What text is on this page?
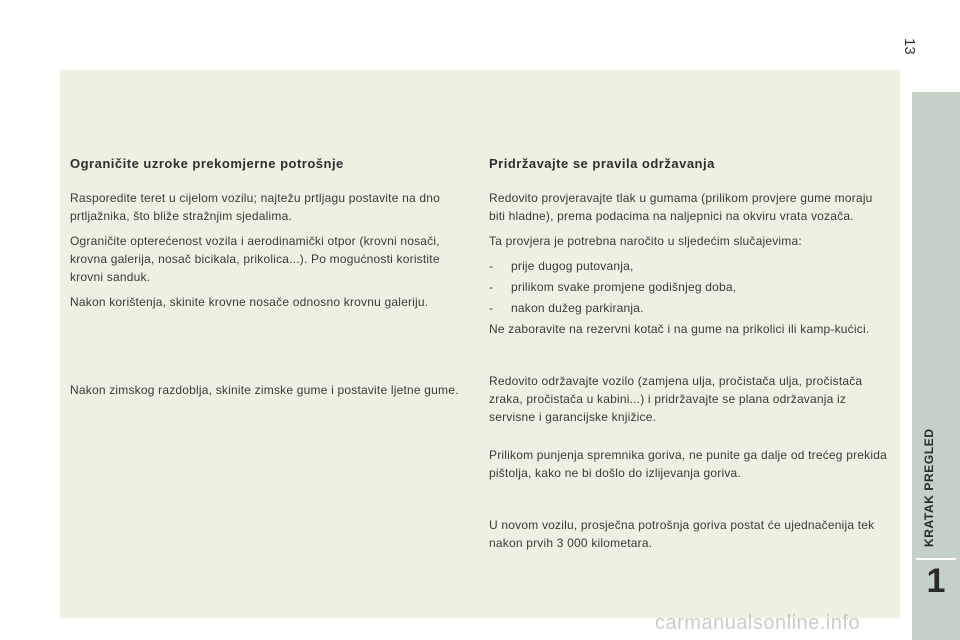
13
Ograničite uzroke prekomjerne potrošnje

Rasporedite teret u cijelom vozilu; najtežu prtljagu postavite na dno prtljažnika, što bliže stražnjim sjedalima.

Ograničite opterećenost vozila i aerodinamički otpor (krovni nosači, krovna galerija, nosač bicikala, prikolica...). Po mogućnosti koristite krovni sanduk.

Nakon korištenja, skinite krovne nosače odnosno krovnu galeriju.

Nakon zimskog razdoblja, skinite zimske gume i postavite ljetne gume.

Pridržavajte se pravila održavanja

Redovito provjeravajte tlak u gumama (prilikom provjere gume moraju biti hladne), prema podacima na naljepnici na okviru vrata vozača.

Ta provjera je potrebna naročito u sljedećim slučajevima:

- prije dugog putovanja,
- prilikom svake promjene godišnjeg doba,
- nakon dužeg parkiranja.

Ne zaboravite na rezervni kotač i na gume na prikolici ili kamp-kućici.

Redovito održavajte vozilo (zamjena ulja, pročistača ulja, pročistača zraka, pročistača u kabini...) i pridržavajte se plana održavanja iz servisne i garancijske knjižice.

Prilikom punjenja spremnika goriva, ne punite ga dalje od trećeg prekida pištolja, kako ne bi došlo do izlijevanja goriva.

U novom vozilu, prosječna potrošnja goriva postat će ujednačenija tek nakon prvih 3 000 kilometara.	KRATAK PREGLED
1
carmanualsonline.info
